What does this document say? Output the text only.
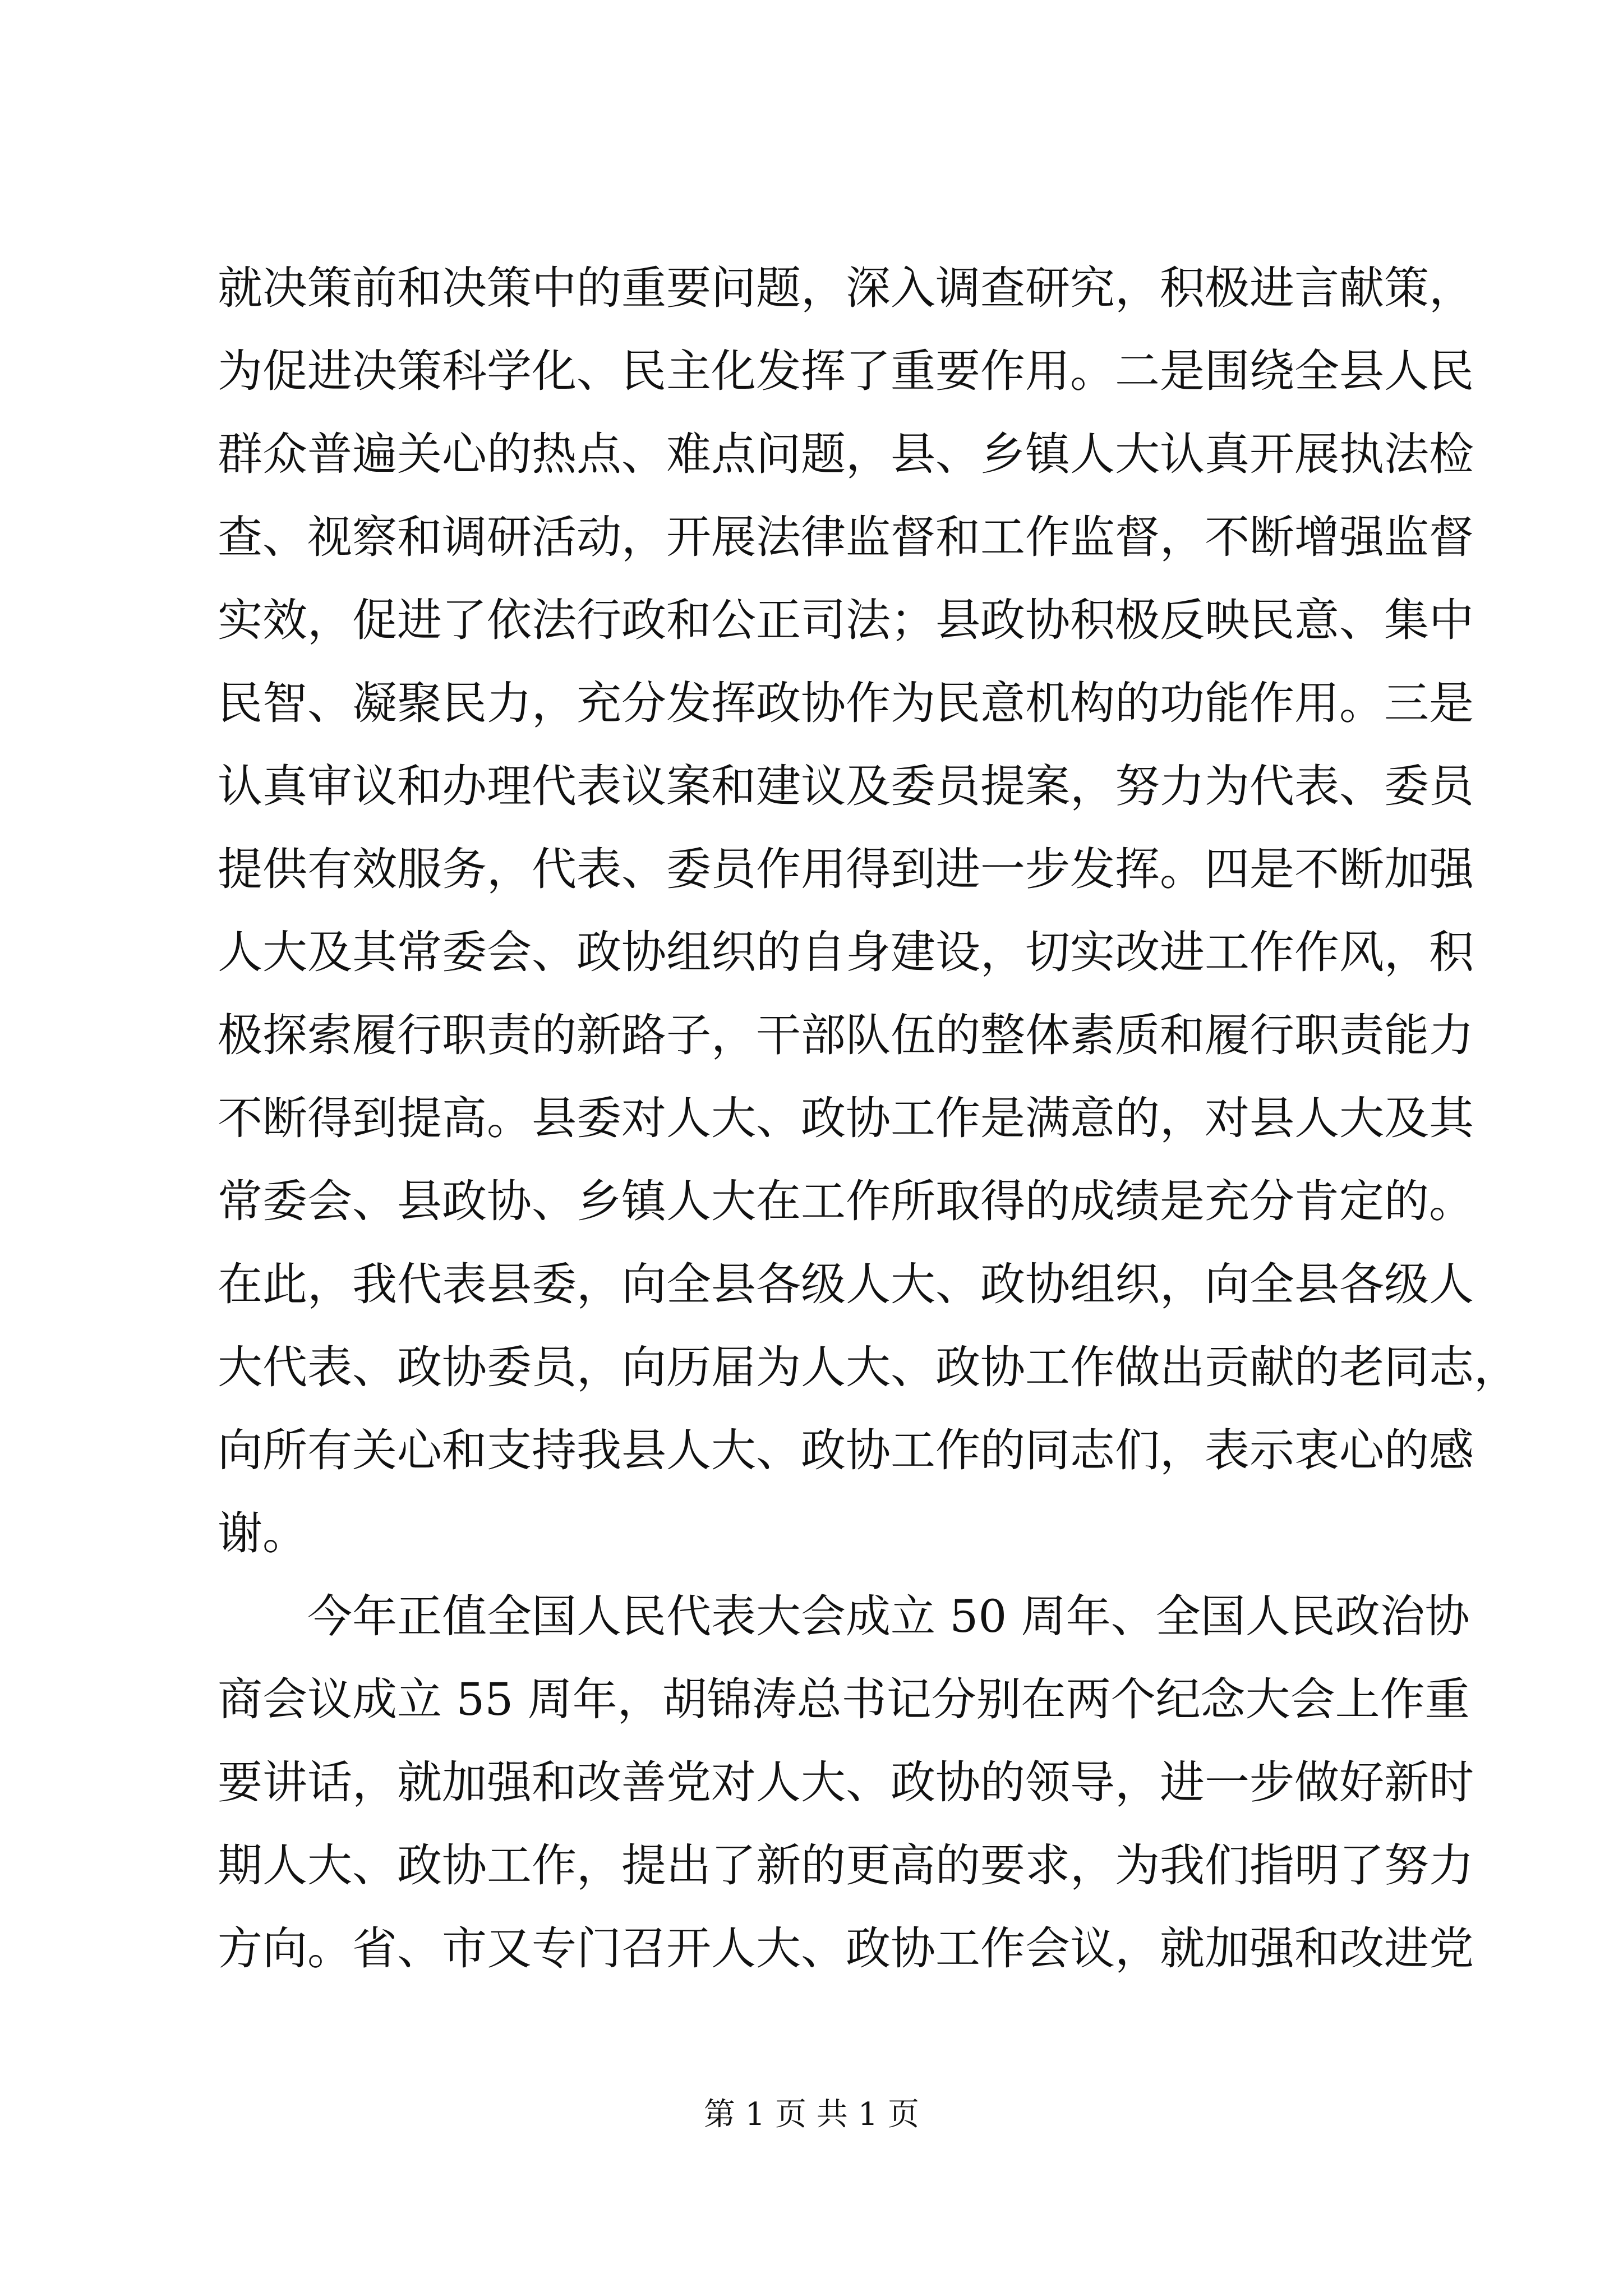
就决策前和决策中的重要问题，深入调查研究，积极进言献策，
为促进决策科学化、民主化发挥了重要作用。二是围绕全县人民
群众普遍关心的热点、难点问题，县、乡镇人大认真开展执法检
查、视察和调研活动，开展法律监督和工作监督，不断增强监督
实效，促进了依法行政和公正司法；县政协积极反映民意、集中
民智、凝聚民力，充分发挥政协作为民意机构的功能作用。三是
认真审议和办理代表议案和建议及委员提案，努力为代表、委员
提供有效服务，代表、委员作用得到进一步发挥。四是不断加强
人大及其常委会、政协组织的自身建设，切实改进工作作风，积
极探索履行职责的新路子，干部队伍的整体素质和履行职责能力
不断得到提高。县委对人大、政协工作是满意的，对县人大及其
常委会、县政协、乡镇人大在工作所取得的成绩是充分肯定的。
在此，我代表县委，向全县各级人大、政协组织，向全县各级人
大代表、政协委员，向历届为人大、政协工作做出贡献的老同志，
向所有关心和支持我县人大、政协工作的同志们，表示衷心的感
谢。
　　今年正值全国人民代表大会成立 50 周年、全国人民政治协
商会议成立 55 周年，胡锦涛总书记分别在两个纪念大会上作重
要讲话，就加强和改善党对人大、政协的领导，进一步做好新时
期人大、政协工作，提出了新的更高的要求，为我们指明了努力
方向。省、市又专门召开人大、政协工作会议，就加强和改进党
第 1 页 共 1 页
